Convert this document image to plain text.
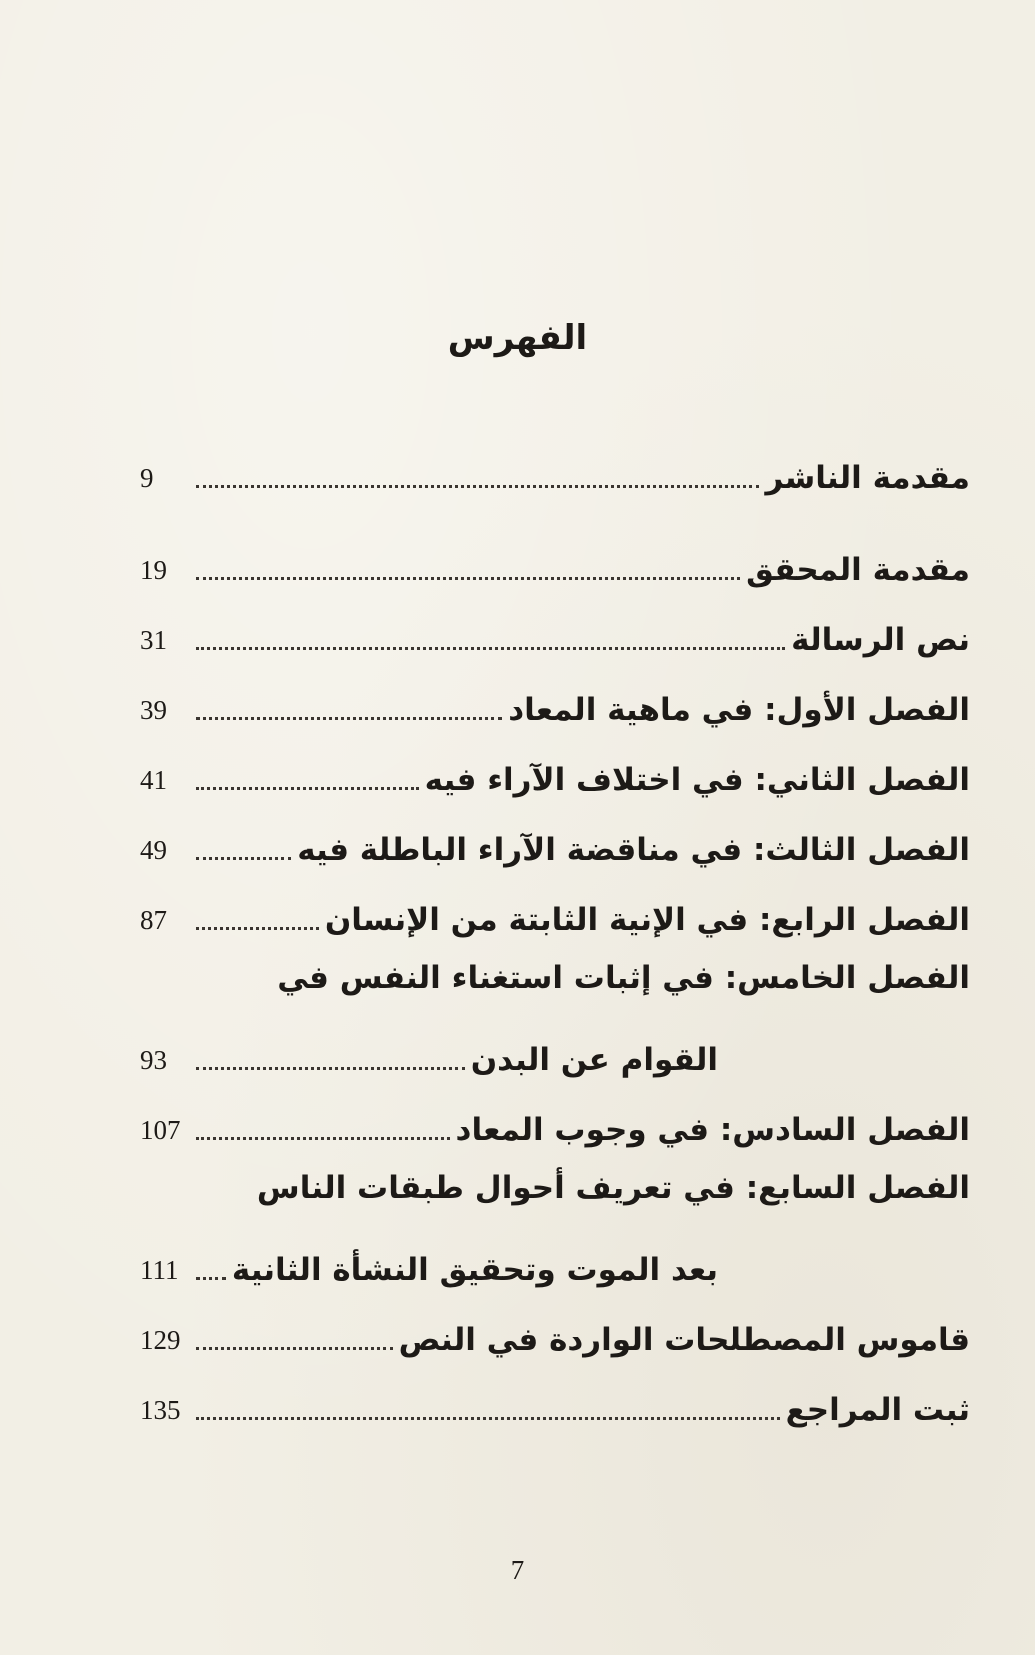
الفهرس
مقدمة الناشر
9
مقدمة المحقق
19
نص الرسالة
31
الفصل الأول: في ماهية المعاد
39
الفصل الثاني: في اختلاف الآراء فيه
41
الفصل الثالث: في مناقضة الآراء الباطلة فيه
49
الفصل الرابع: في الإنية الثابتة من الإنسان
87
الفصل الخامس: في إثبات استغناء النفس في
القوام عن البدن
93
الفصل السادس: في وجوب المعاد
107
الفصل السابع: في تعريف أحوال طبقات الناس
بعد الموت وتحقيق النشأة الثانية
111
قاموس المصطلحات الواردة في النص
129
ثبت المراجع
135
7
